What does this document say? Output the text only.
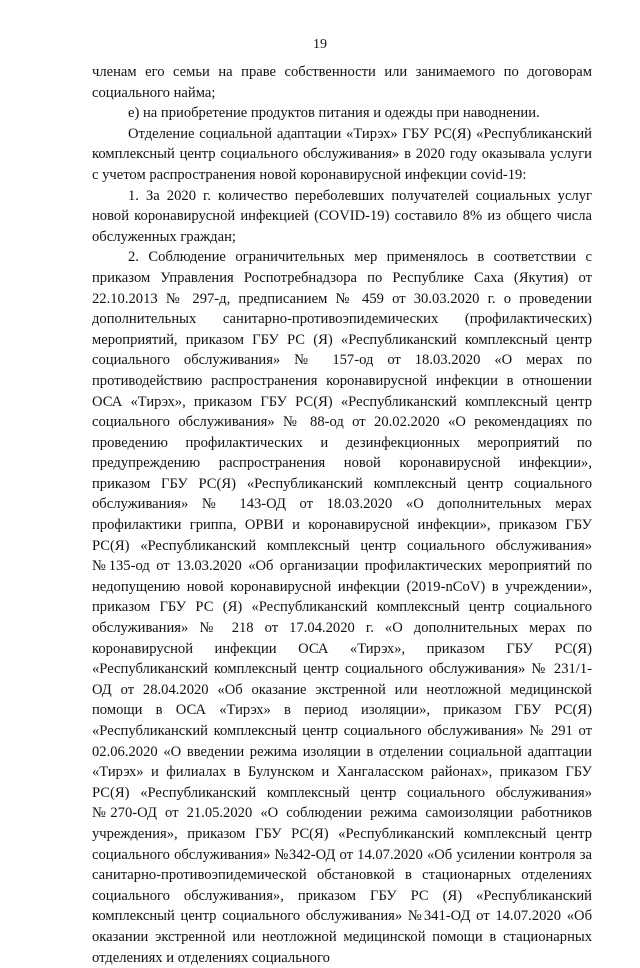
19

членам его семьи на праве собственности или занимаемого по договорам социального найма;

е) на приобретение продуктов питания и одежды при наводнении.

Отделение социальной адаптации «Тирэх» ГБУ РС(Я) «Республиканский комплексный центр социального обслуживания» в 2020 году оказывала услуги с учетом распространения новой коронавирусной инфекции covid-19:

1. За 2020 г. количество переболевших получателей социальных услуг новой коронавирусной инфекцией (COVID-19) составило 8% из общего числа обслуженных граждан;

2. Соблюдение ограничительных мер применялось в соответствии с приказом Управления Роспотребнадзора по Республике Саха (Якутия) от 22.10.2013 № 297-д, предписанием № 459 от 30.03.2020 г. о проведении дополнительных санитарно-противоэпидемических (профилактических) мероприятий, приказом ГБУ РС (Я) «Республиканский комплексный центр социального обслуживания» № 157-од от 18.03.2020 «О мерах по противодействию распространения коронавирусной инфекции в отношении ОСА «Тирэх», приказом ГБУ РС(Я) «Республиканский комплексный центр социального обслуживания» № 88-од от 20.02.2020 «О рекомендациях по проведению профилактических и дезинфекционных мероприятий по предупреждению распространения новой коронавирусной инфекции», приказом ГБУ РС(Я) «Республиканский комплексный центр социального обслуживания» № 143-ОД от 18.03.2020 «О дополнительных мерах профилактики гриппа, ОРВИ и коронавирусной инфекции», приказом ГБУ РС(Я) «Республиканский комплексный центр социального обслуживания» №135-од от 13.03.2020 «Об организации профилактических мероприятий по недопущению новой коронавирусной инфекции (2019-nCoV) в учреждении», приказом ГБУ РС (Я) «Республиканский комплексный центр социального обслуживания» № 218 от 17.04.2020 г. «О дополнительных мерах по коронавирусной инфекции ОСА «Тирэх», приказом ГБУ РС(Я) «Республиканский комплексный центр социального обслуживания» № 231/1-ОД от 28.04.2020 «Об оказание экстренной или неотложной медицинской помощи в ОСА «Тирэх» в период изоляции», приказом ГБУ РС(Я) «Республиканский комплексный центр социального обслуживания» № 291 от 02.06.2020 «О введении режима изоляции в отделении социальной адаптации «Тирэх» и филиалах в Булунском и Хангаласском районах», приказом ГБУ РС(Я) «Республиканский комплексный центр социального обслуживания» №270-ОД от 21.05.2020 «О соблюдении режима самоизоляции работников учреждения», приказом ГБУ РС(Я) «Республиканский комплексный центр социального обслуживания» №342-ОД от 14.07.2020 «Об усилении контроля за санитарно-противоэпидемической обстановкой в стационарных отделениях социального обслуживания», приказом ГБУ РС (Я) «Республиканский комплексный центр социального обслуживания» №341-ОД от 14.07.2020 «Об оказании экстренной или неотложной медицинской помощи в стационарных отделениях и отделениях социального
